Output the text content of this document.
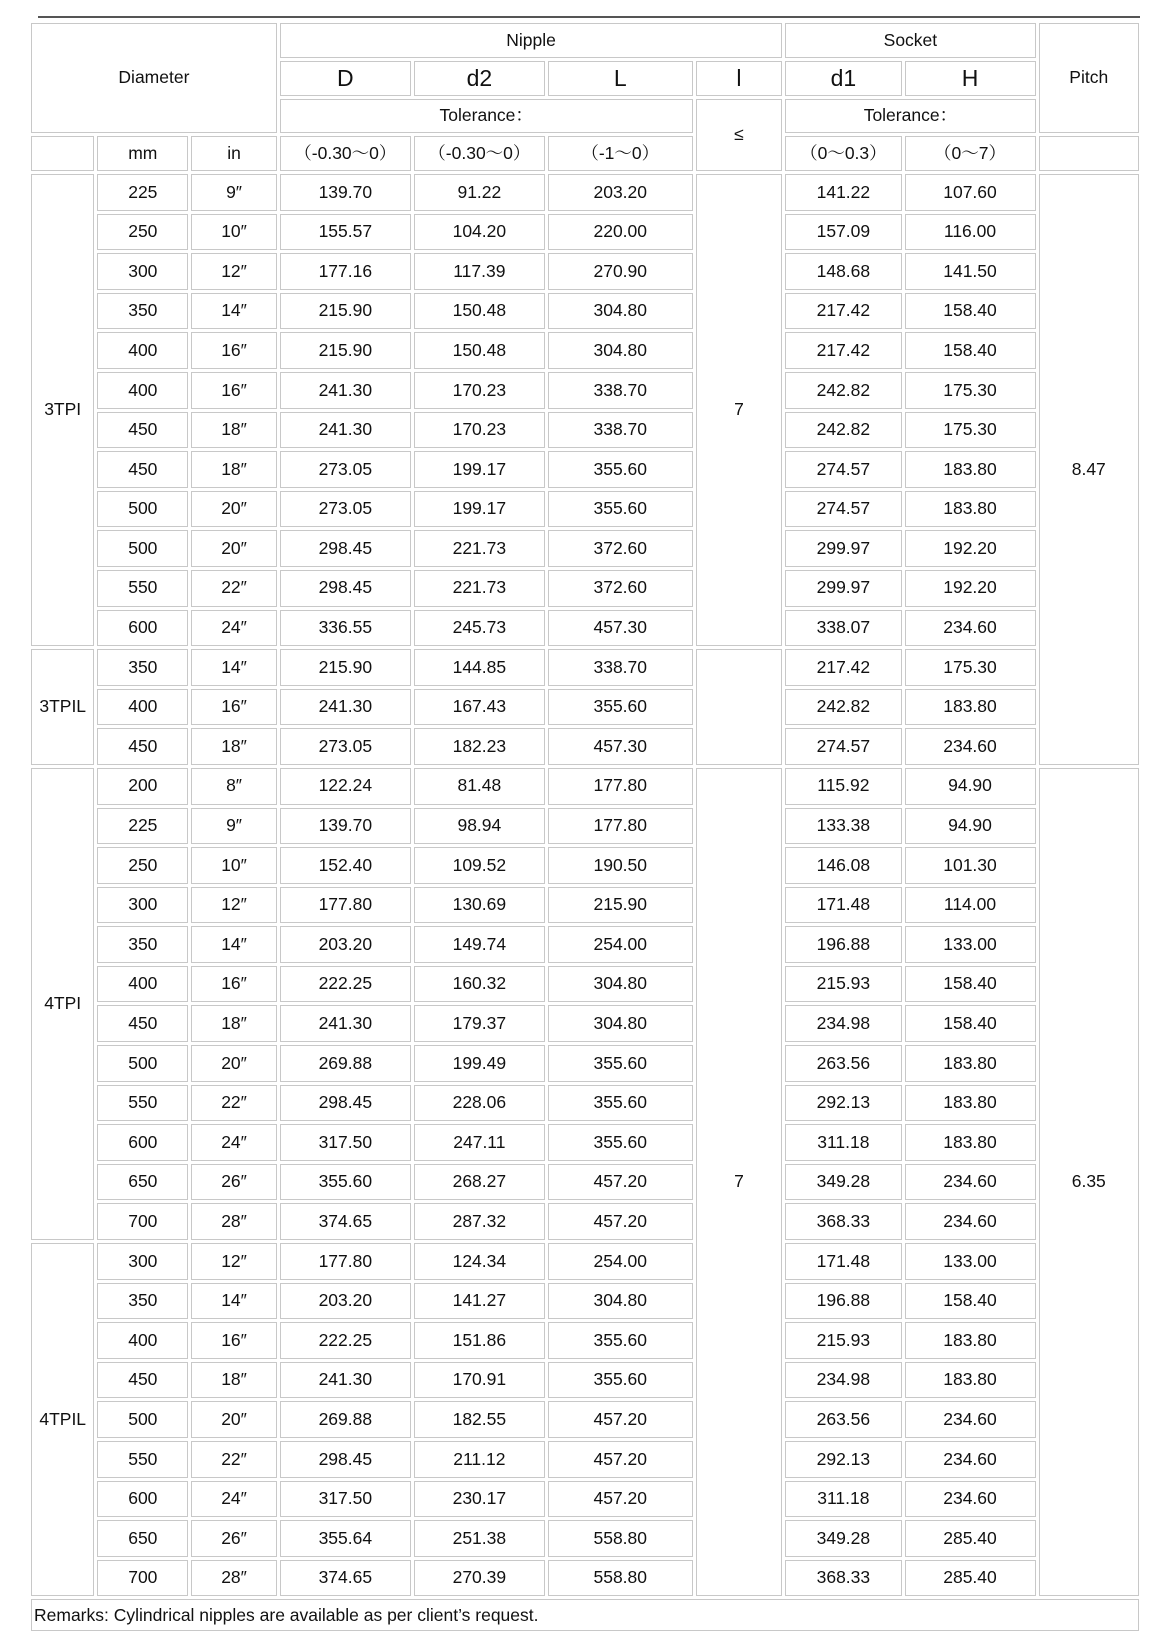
Diameter			Nipple				Socket		Pitch
			D	d2	L	l	d1	H	
			Tolerance：			≤	Tolerance：		
	mm	in	（-0.30～0）	（-0.30～0）	（-1～0）		（0～0.3）	（0～7）	
3TPI	225	9″	139.70	91.22	203.20	7	141.22	107.60	8.47
	250	10″	155.57	104.20	220.00		157.09	116.00	
	300	12″	177.16	117.39	270.90		148.68	141.50	
	350	14″	215.90	150.48	304.80		217.42	158.40	
	400	16″	215.90	150.48	304.80		217.42	158.40	
	400	16″	241.30	170.23	338.70		242.82	175.30	
	450	18″	241.30	170.23	338.70		242.82	175.30	
	450	18″	273.05	199.17	355.60		274.57	183.80	
	500	20″	273.05	199.17	355.60		274.57	183.80	
	500	20″	298.45	221.73	372.60		299.97	192.20	
	550	22″	298.45	221.73	372.60		299.97	192.20	
	600	24″	336.55	245.73	457.30		338.07	234.60	
3TPIL	350	14″	215.90	144.85	338.70		217.42	175.30	
	400	16″	241.30	167.43	355.60		242.82	183.80	
	450	18″	273.05	182.23	457.30		274.57	234.60	
4TPI	200	8″	122.24	81.48	177.80	7	115.92	94.90	6.35
	225	9″	139.70	98.94	177.80		133.38	94.90	
	250	10″	152.40	109.52	190.50		146.08	101.30	
	300	12″	177.80	130.69	215.90		171.48	114.00	
	350	14″	203.20	149.74	254.00		196.88	133.00	
	400	16″	222.25	160.32	304.80		215.93	158.40	
	450	18″	241.30	179.37	304.80		234.98	158.40	
	500	20″	269.88	199.49	355.60		263.56	183.80	
	550	22″	298.45	228.06	355.60		292.13	183.80	
	600	24″	317.50	247.11	355.60		311.18	183.80	
	650	26″	355.60	268.27	457.20		349.28	234.60	
	700	28″	374.65	287.32	457.20		368.33	234.60	
4TPIL	300	12″	177.80	124.34	254.00		171.48	133.00	
	350	14″	203.20	141.27	304.80		196.88	158.40	
	400	16″	222.25	151.86	355.60		215.93	183.80	
	450	18″	241.30	170.91	355.60		234.98	183.80	
	500	20″	269.88	182.55	457.20		263.56	234.60	
	550	22″	298.45	211.12	457.20		292.13	234.60	
	600	24″	317.50	230.17	457.20		311.18	234.60	
	650	26″	355.64	251.38	558.80		349.28	285.40	
	700	28″	374.65	270.39	558.80		368.33	285.40	
Remarks: Cylindrical nipples are available as per client’s request.									
